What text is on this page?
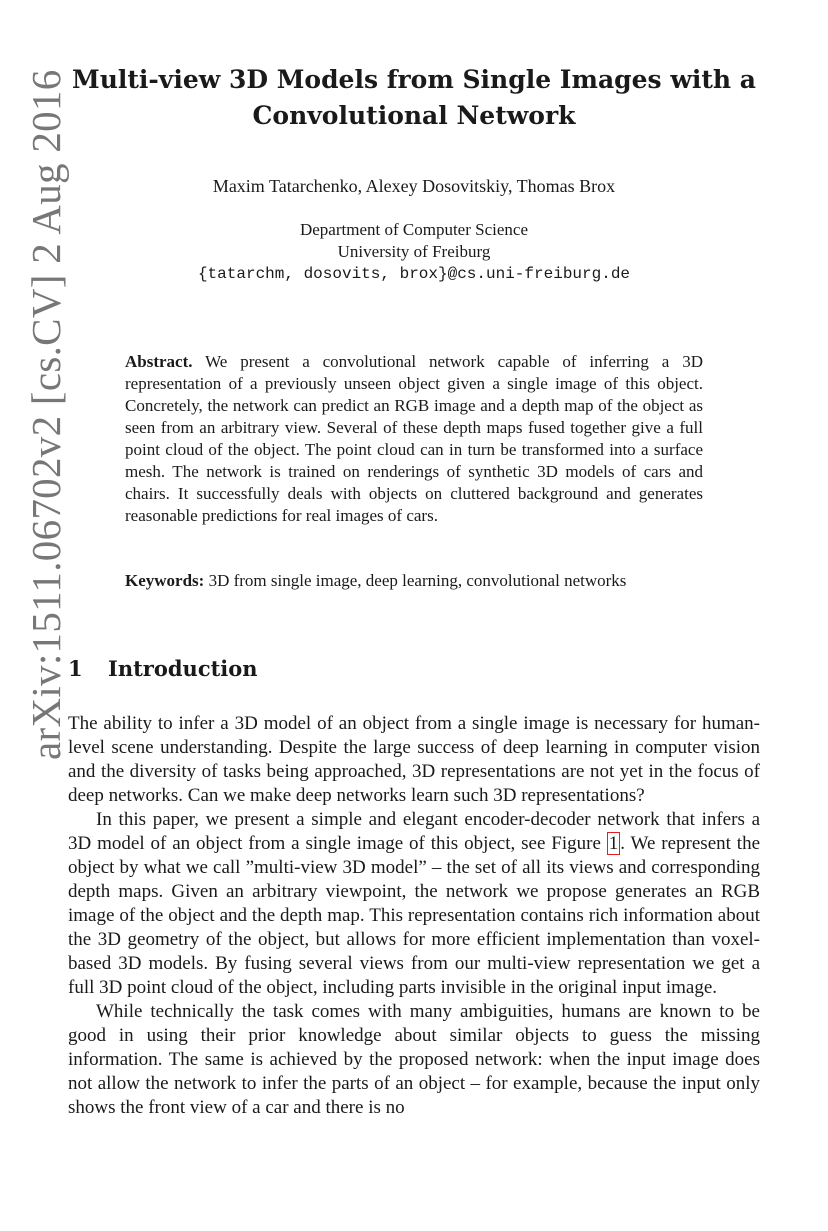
arXiv:1511.06702v2 [cs.CV] 2 Aug 2016 Multi-view 3D Models from Single Images with a Convolutional Network
Maxim Tatarchenko, Alexey Dosovitskiy, Thomas Brox
Department of Computer Science
University of Freiburg
{tatarchm, dosovits, brox}@cs.uni-freiburg.de
Abstract. We present a convolutional network capable of inferring a 3D representation of a previously unseen object given a single image of this object. Concretely, the network can predict an RGB image and a depth map of the object as seen from an arbitrary view. Several of these depth maps fused together give a full point cloud of the object. The point cloud can in turn be transformed into a surface mesh. The network is trained on renderings of synthetic 3D models of cars and chairs. It successfully deals with objects on cluttered background and generates reasonable predictions for real images of cars.
Keywords: 3D from single image, deep learning, convolutional networks
1 Introduction

The ability to infer a 3D model of an object from a single image is necessary for human-level scene understanding. Despite the large success of deep learning in computer vision and the diversity of tasks being approached, 3D representations are not yet in the focus of deep networks. Can we make deep networks learn such 3D representations?

In this paper, we present a simple and elegant encoder-decoder network that infers a 3D model of an object from a single image of this object, see Figure 1 . We represent the object by what we call ”multi-view 3D model” – the set of all its views and corresponding depth maps. Given an arbitrary viewpoint, the network we propose generates an RGB image of the object and the depth map. This representation contains rich information about the 3D geometry of the object, but allows for more efficient implementation than voxel-based 3D models. By fusing several views from our multi-view representation we get a full 3D point cloud of the object, including parts invisible in the original input image.

While technically the task comes with many ambiguities, humans are known to be good in using their prior knowledge about similar objects to guess the missing information. The same is achieved by the proposed network: when the input image does not allow the network to infer the parts of an object – for example, because the input only shows the front view of a car and there is no
